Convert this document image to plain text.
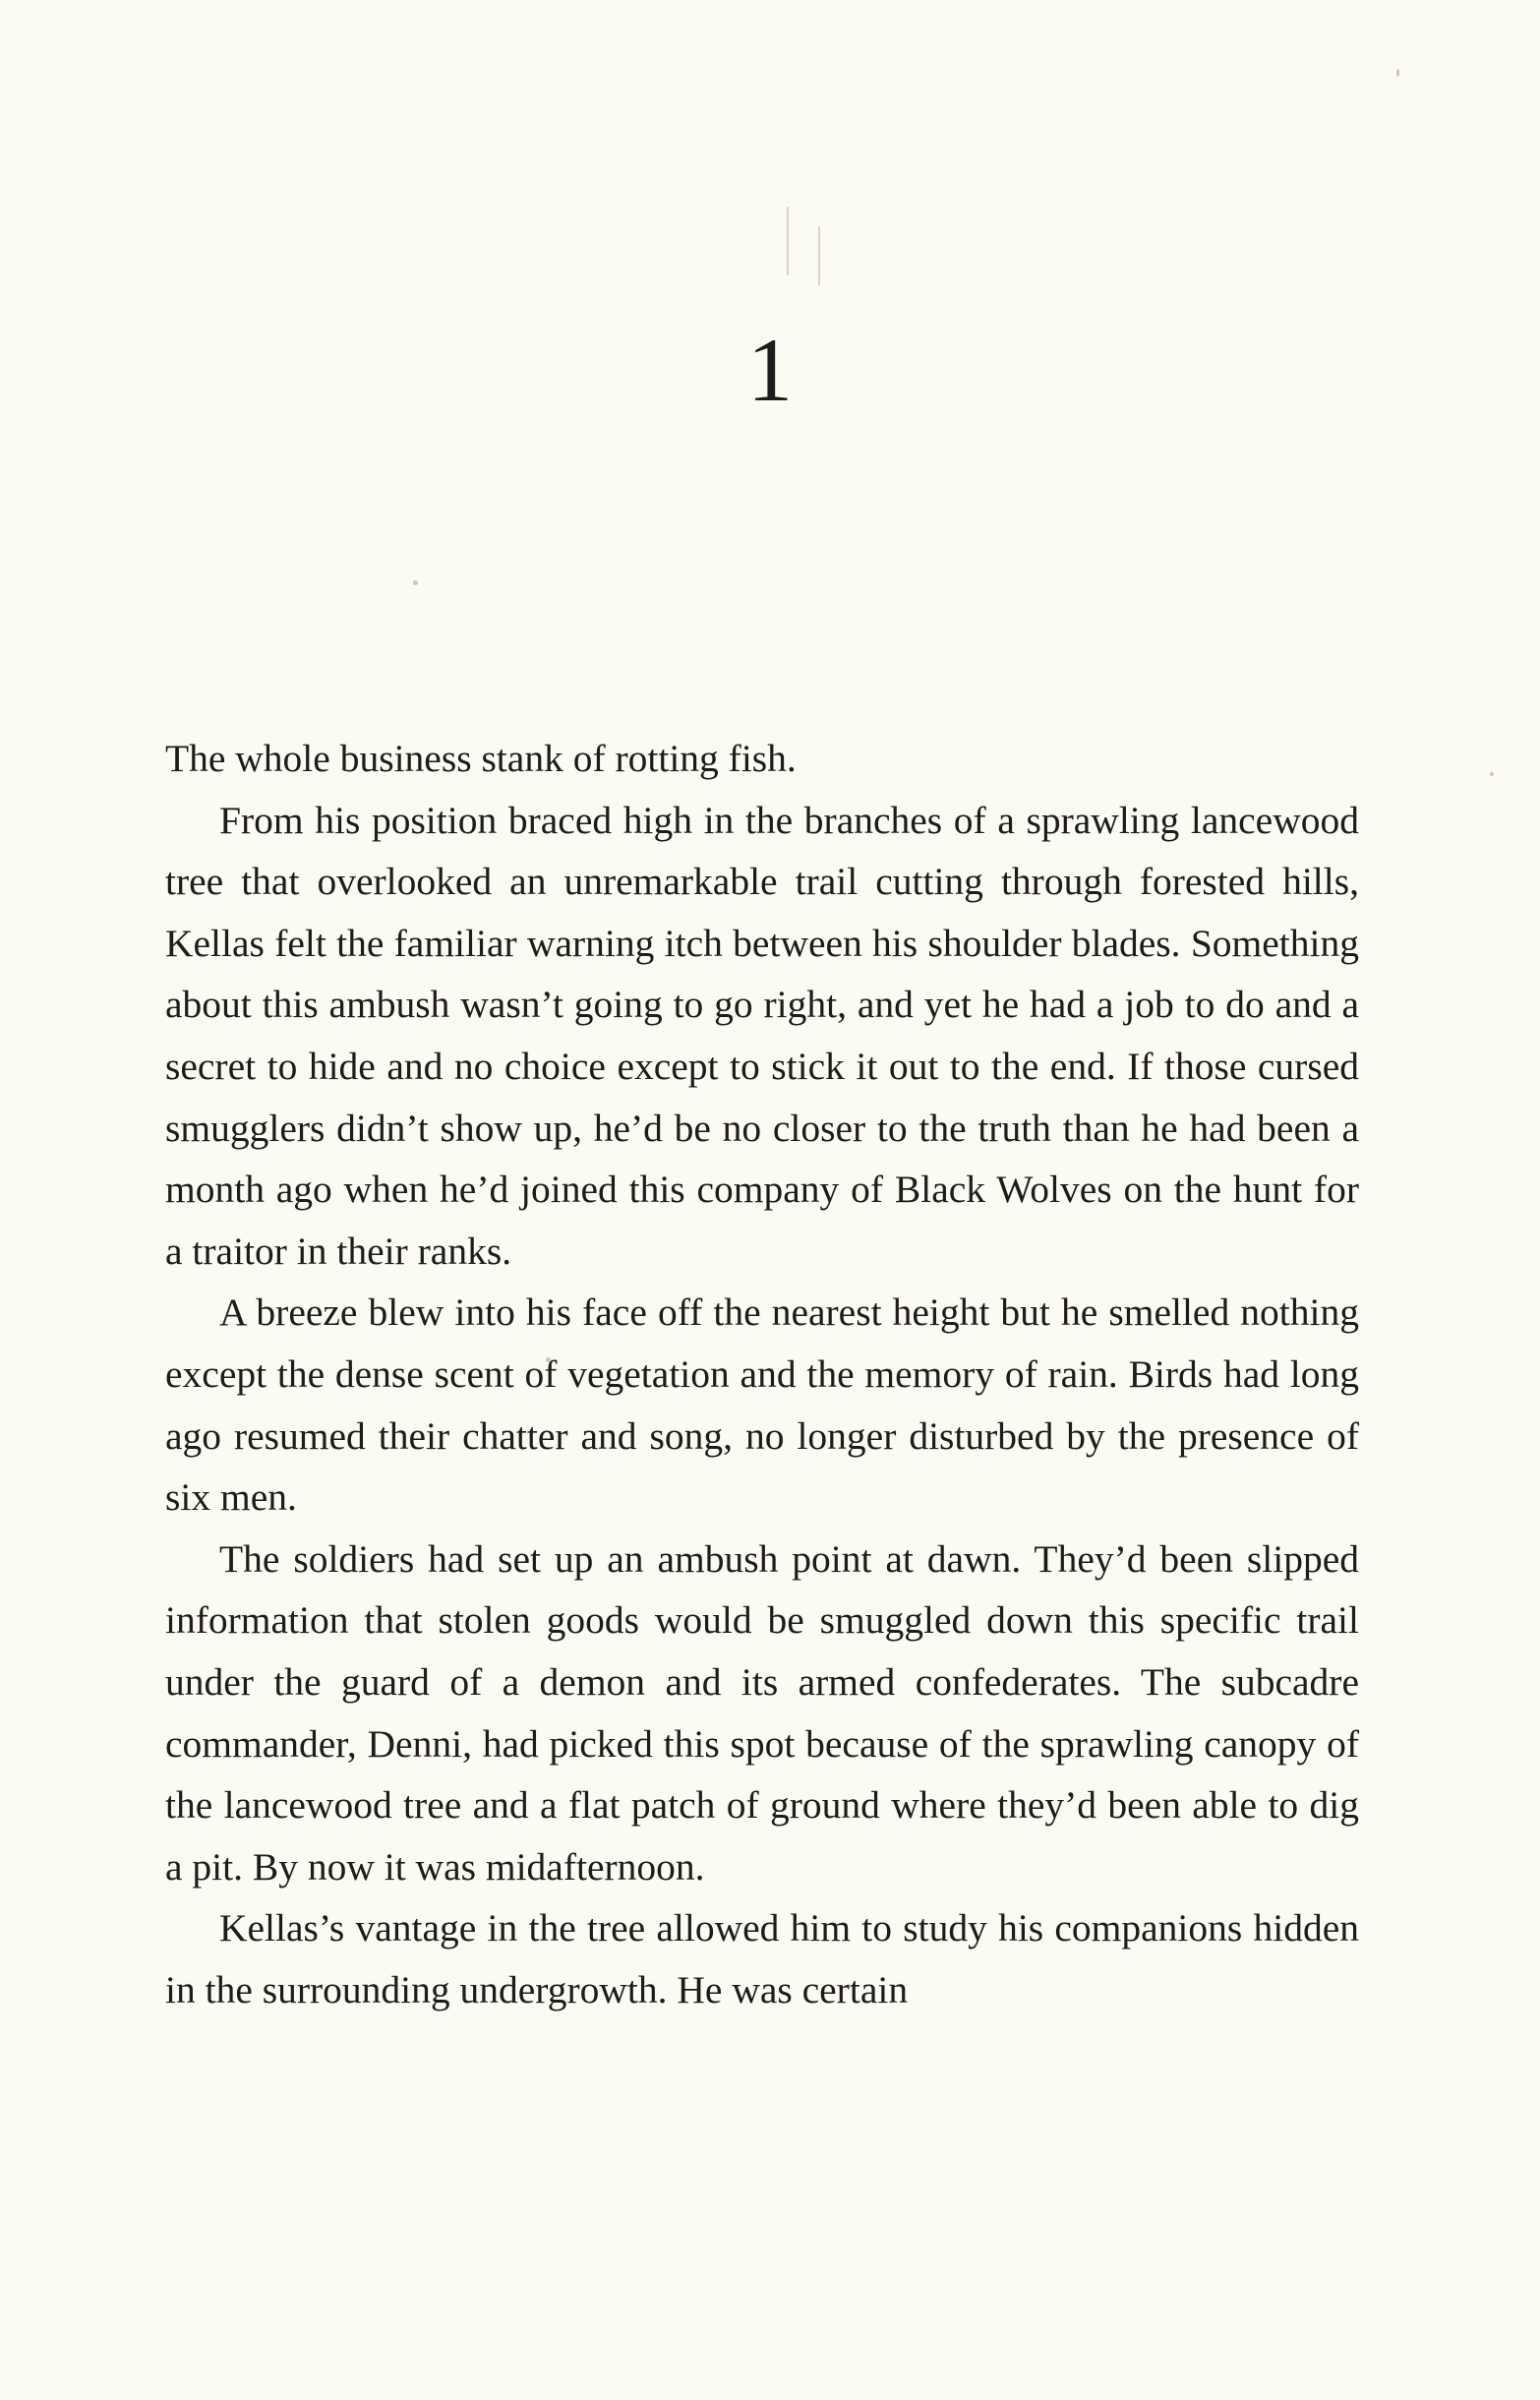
1

The whole business stank of rotting fish.

From his position braced high in the branches of a sprawling lancewood tree that overlooked an unremarkable trail cutting through forested hills, Kellas felt the familiar warning itch between his shoulder blades. Something about this ambush wasn’t going to go right, and yet he had a job to do and a secret to hide and no choice except to stick it out to the end. If those cursed smugglers didn’t show up, he’d be no closer to the truth than he had been a month ago when he’d joined this company of Black Wolves on the hunt for a traitor in their ranks.

A breeze blew into his face off the nearest height but he smelled nothing except the dense scent of vegetation and the memory of rain. Birds had long ago resumed their chatter and song, no longer disturbed by the presence of six men.

The soldiers had set up an ambush point at dawn. They’d been slipped information that stolen goods would be smuggled down this specific trail under the guard of a demon and its armed confederates. The subcadre commander, Denni, had picked this spot because of the sprawling canopy of the lancewood tree and a flat patch of ground where they’d been able to dig a pit. By now it was midafternoon.

Kellas’s vantage in the tree allowed him to study his companions hidden in the surrounding undergrowth. He was certain
